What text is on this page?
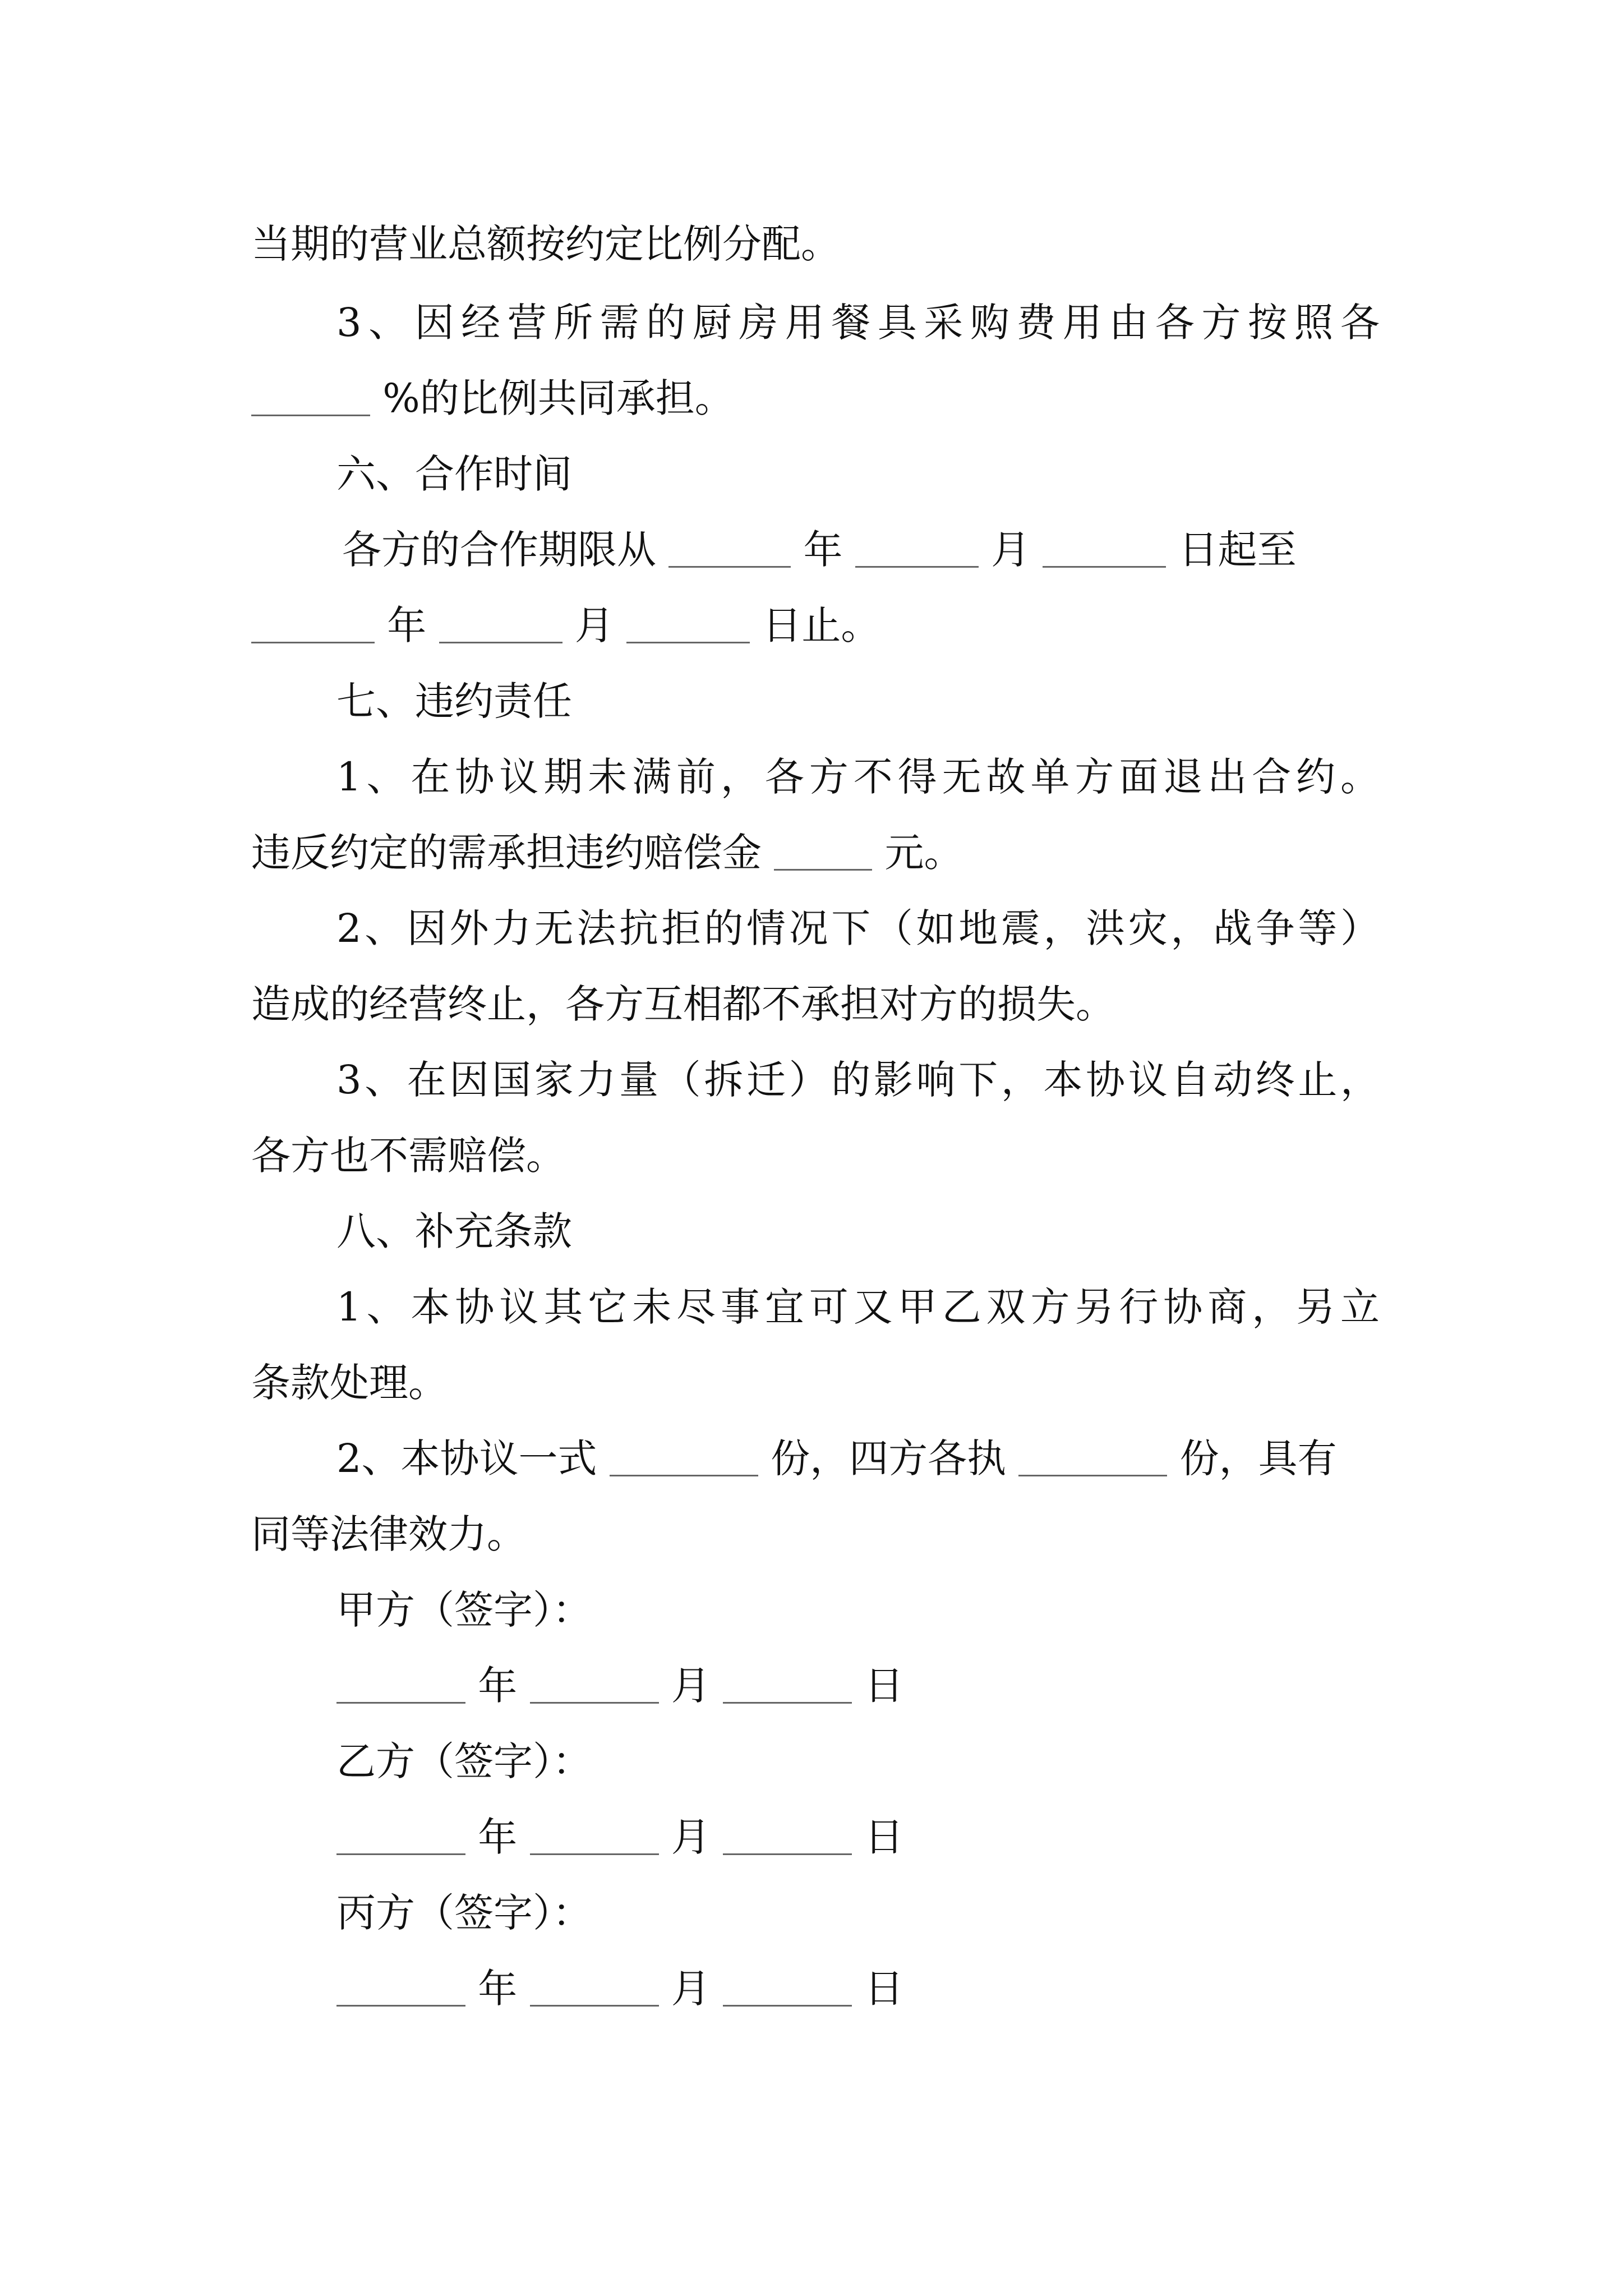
当期的营业总额按约定比例分配。
3、因经营所需的厨房用餐具采购费用由各方按照各
%的比例共同承担。
六、合作时间
各方的合作期限从	年	月	日起至
年	月	日止。
七、违约责任
1、在协议期未满前，各方不得无故单方面退出合约。
违反约定的需承担违约赔偿金	元。
2、因外力无法抗拒的情况下（如地震，洪灾，战争等）
造成的经营终止，各方互相都不承担对方的损失。
3、在因国家力量（拆迁）的影响下，本协议自动终止，
各方也不需赔偿。
八、补充条款
1、本协议其它未尽事宜可又甲乙双方另行协商，另立
条款处理。
2、本协议一式	份，四方各执	份，具有
同等法律效力。
甲方（签字）：
年	月	日
乙方（签字）：
年	月	日
丙方（签字）：
年	月	日
